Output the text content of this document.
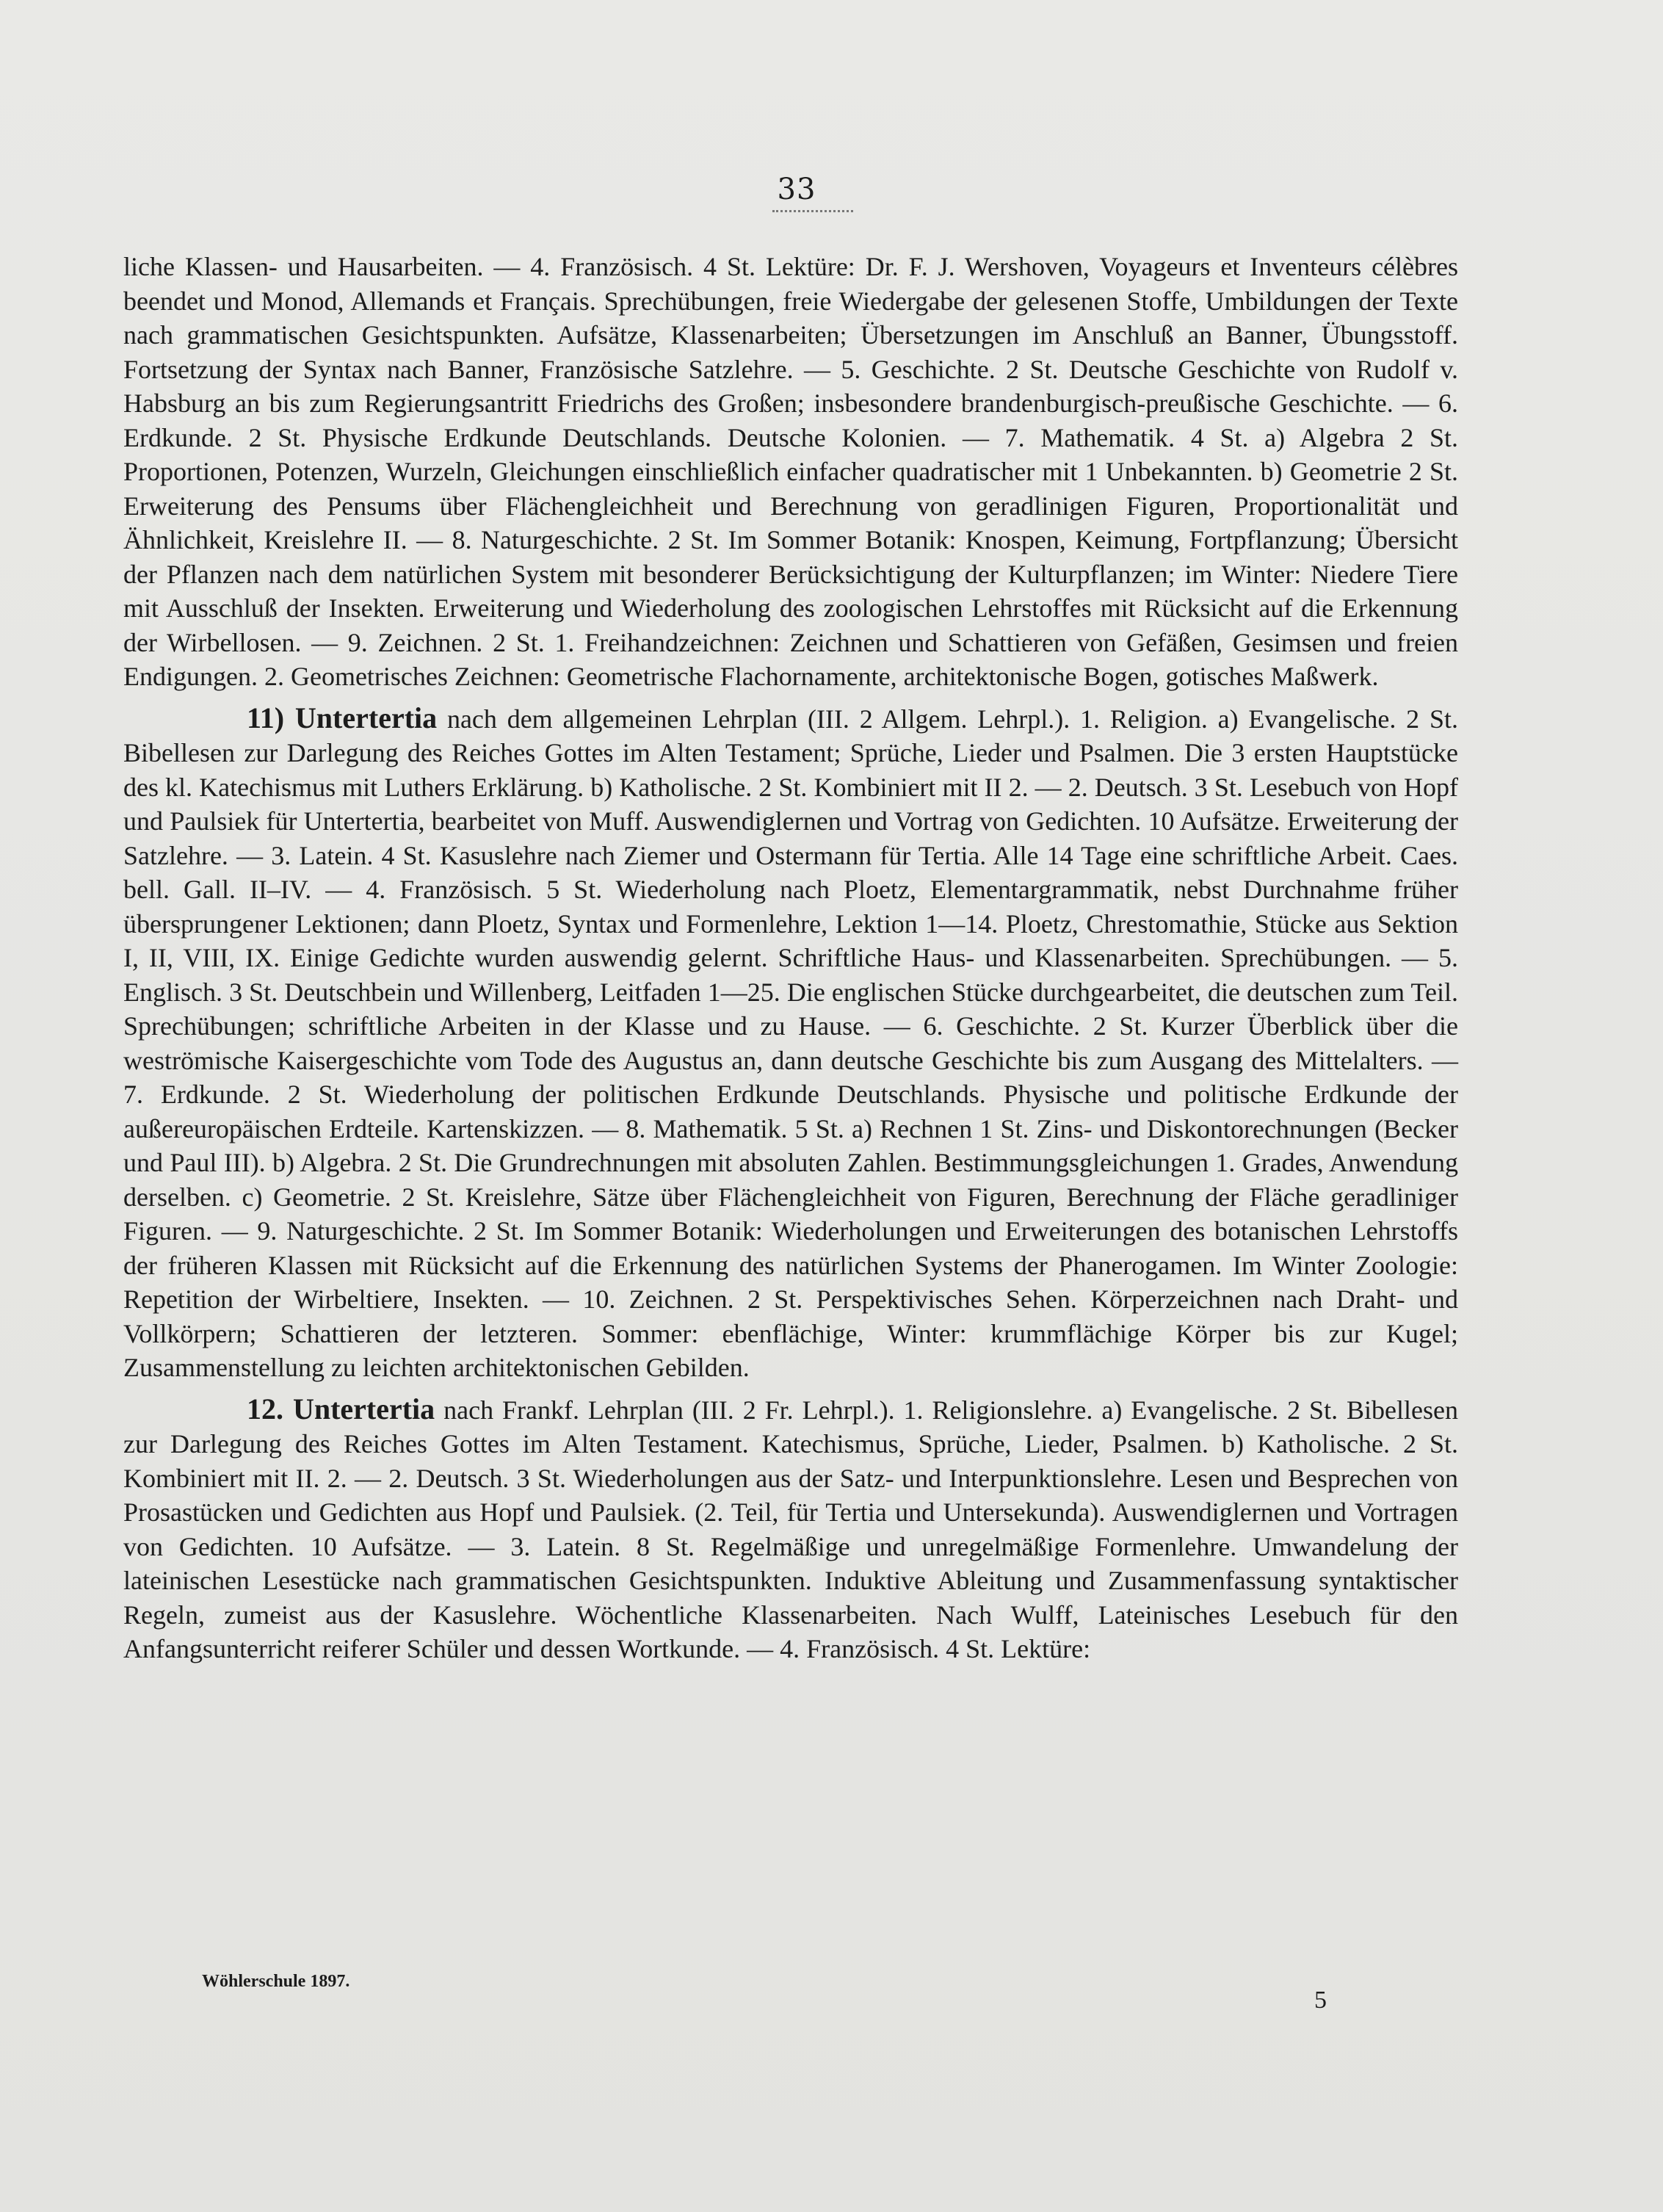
33

liche Klassen- und Hausarbeiten. — 4. Französisch. 4 St. Lektüre: Dr. F. J. Wershoven, Voyageurs et Inventeurs célèbres beendet und Monod, Allemands et Français. Sprechübungen, freie Wiedergabe der gelesenen Stoffe, Umbildungen der Texte nach grammatischen Gesichtspunkten. Aufsätze, Klassenarbeiten; Übersetzungen im Anschluß an Banner, Übungsstoff. Fortsetzung der Syntax nach Banner, Französische Satzlehre. — 5. Geschichte. 2 St. Deutsche Geschichte von Rudolf v. Habsburg an bis zum Regierungsantritt Friedrichs des Großen; insbesondere brandenburgisch-preußische Geschichte. — 6. Erdkunde. 2 St. Physische Erdkunde Deutschlands. Deutsche Kolonien. — 7. Mathematik. 4 St. a) Algebra 2 St. Proportionen, Potenzen, Wurzeln, Gleichungen einschließlich einfacher quadratischer mit 1 Unbekannten. b) Geometrie 2 St. Erweiterung des Pensums über Flächengleichheit und Berechnung von geradlinigen Figuren, Proportionalität und Ähnlichkeit, Kreislehre II. — 8. Naturgeschichte. 2 St. Im Sommer Botanik: Knospen, Keimung, Fortpflanzung; Übersicht der Pflanzen nach dem natürlichen System mit besonderer Berücksichtigung der Kulturpflanzen; im Winter: Niedere Tiere mit Ausschluß der Insekten. Erweiterung und Wiederholung des zoologischen Lehrstoffes mit Rücksicht auf die Erkennung der Wirbellosen. — 9. Zeichnen. 2 St. 1. Freihandzeichnen: Zeichnen und Schattieren von Gefäßen, Gesimsen und freien Endigungen. 2. Geometrisches Zeichnen: Geometrische Flachornamente, architektonische Bogen, gotisches Maßwerk.

11) Untertertia nach dem allgemeinen Lehrplan (III. 2 Allgem. Lehrpl.). 1. Religion. a) Evangelische. 2 St. Bibellesen zur Darlegung des Reiches Gottes im Alten Testament; Sprüche, Lieder und Psalmen. Die 3 ersten Hauptstücke des kl. Katechismus mit Luthers Erklärung. b) Katholische. 2 St. Kombiniert mit II 2. — 2. Deutsch. 3 St. Lesebuch von Hopf und Paulsiek für Untertertia, bearbeitet von Muff. Auswendiglernen und Vortrag von Gedichten. 10 Aufsätze. Erweiterung der Satzlehre. — 3. Latein. 4 St. Kasuslehre nach Ziemer und Ostermann für Tertia. Alle 14 Tage eine schriftliche Arbeit. Caes. bell. Gall. II–IV. — 4. Französisch. 5 St. Wiederholung nach Ploetz, Elementargrammatik, nebst Durchnahme früher übersprungener Lektionen; dann Ploetz, Syntax und Formenlehre, Lektion 1—14. Ploetz, Chrestomathie, Stücke aus Sektion I, II, VIII, IX. Einige Gedichte wurden auswendig gelernt. Schriftliche Haus- und Klassenarbeiten. Sprechübungen. — 5. Englisch. 3 St. Deutschbein und Willenberg, Leitfaden 1—25. Die englischen Stücke durchgearbeitet, die deutschen zum Teil. Sprechübungen; schriftliche Arbeiten in der Klasse und zu Hause. — 6. Geschichte. 2 St. Kurzer Überblick über die weströmische Kaisergeschichte vom Tode des Augustus an, dann deutsche Geschichte bis zum Ausgang des Mittelalters. — 7. Erdkunde. 2 St. Wiederholung der politischen Erdkunde Deutschlands. Physische und politische Erdkunde der außereuropäischen Erdteile. Kartenskizzen. — 8. Mathematik. 5 St. a) Rechnen 1 St. Zins- und Diskontorechnungen (Becker und Paul III). b) Algebra. 2 St. Die Grundrechnungen mit absoluten Zahlen. Bestimmungsgleichungen 1. Grades, Anwendung derselben. c) Geometrie. 2 St. Kreislehre, Sätze über Flächengleichheit von Figuren, Berechnung der Fläche geradliniger Figuren. — 9. Naturgeschichte. 2 St. Im Sommer Botanik: Wiederholungen und Erweiterungen des botanischen Lehrstoffs der früheren Klassen mit Rücksicht auf die Erkennung des natürlichen Systems der Phanerogamen. Im Winter Zoologie: Repetition der Wirbeltiere, Insekten. — 10. Zeichnen. 2 St. Perspektivisches Sehen. Körperzeichnen nach Draht- und Vollkörpern; Schattieren der letzteren. Sommer: ebenflächige, Winter: krummflächige Körper bis zur Kugel; Zusammenstellung zu leichten architektonischen Gebilden.

12. Untertertia nach Frankf. Lehrplan (III. 2 Fr. Lehrpl.). 1. Religionslehre. a) Evangelische. 2 St. Bibellesen zur Darlegung des Reiches Gottes im Alten Testament. Katechismus, Sprüche, Lieder, Psalmen. b) Katholische. 2 St. Kombiniert mit II. 2. — 2. Deutsch. 3 St. Wiederholungen aus der Satz- und Interpunktionslehre. Lesen und Besprechen von Prosastücken und Gedichten aus Hopf und Paulsiek. (2. Teil, für Tertia und Untersekunda). Auswendiglernen und Vortragen von Gedichten. 10 Aufsätze. — 3. Latein. 8 St. Regelmäßige und unregelmäßige Formenlehre. Umwandelung der lateinischen Lesestücke nach grammatischen Gesichtspunkten. Induktive Ableitung und Zusammenfassung syntaktischer Regeln, zumeist aus der Kasuslehre. Wöchentliche Klassenarbeiten. Nach Wulff, Lateinisches Lesebuch für den Anfangsunterricht reiferer Schüler und dessen Wortkunde. — 4. Französisch. 4 St. Lektüre:

Wöhlerschule 1897.
5
